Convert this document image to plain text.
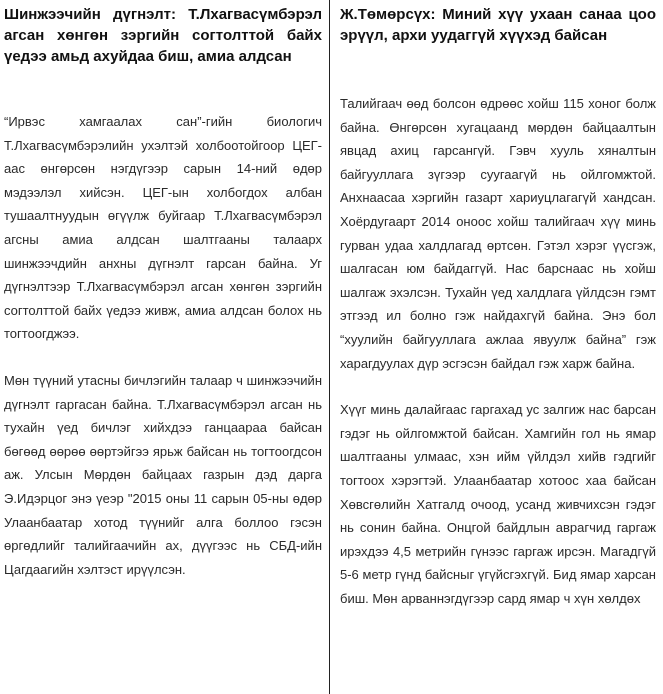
Шинжээчийн дүгнэлт: Т.Лхагвасүмбэрэл агсан хөнгөн зэргийн согтолттой байх үедээ амьд ахуйдаа биш, амиа алдсан

“Ирвэс хамгаалах сан”-гийн биологич Т.Лхагвасүмбэрэлийн ухэлтэй холбоотойгоор ЦЕГ-аас өнгөрсөн нэгдүгээр сарын 14-ний өдөр мэдээлэл хийсэн. ЦЕГ-ын холбогдох албан тушаалтнуудын өгүүлж буйгаар Т.Лхагвасүмбэрэл агсны амиа алдсан шалтгааны талаарх шинжээчдийн анхны дүгнэлт гарсан байна. Уг дүгнэлтээр Т.Лхагвасүмбэрэл агсан хөнгөн зэргийн согтолттой байх үедээ живж, амиа алдсан болох нь тогтоогджээ.

Мөн түүний утасны бичлэгийн талаар ч шинжээчийн дүгнэлт гаргасан байна. Т.Лхагвасүмбэрэл агсан нь тухайн үед бичлэг хийхдээ ганцаараа байсан бөгөөд өөрөө өөртэйгээ ярьж байсан нь тогтоогдсон аж. Улсын Мөрдөн байцаах газрын дэд дарга Э.Идэрцог энэ үеэр "2015 оны 11 сарын 05-ны өдөр Улаанбаатар хотод түүнийг алга боллоо гэсэн өргөдлийг талийгаачийн ах, дүүгээс нь СБД-ийн Цагдаагийн хэлтэст ирүүлсэн.

Ж.Төмөрсүх: Миний хүү ухаан санаа цоо эрүүл, архи уудаггүй хүүхэд байсан

Талийгаач өөд болсон өдрөөс хойш 115 хоног болж байна. Өнгөрсөн хугацаанд мөрдөн байцаалтын явцад ахиц гарсангүй. Гэвч хууль хяналтын байгууллага зүгээр суугаагүй нь ойлгомжтой. Анхнаасаа хэргийн газарт хариуцлагагүй хандсан. Хоёрдугаарт 2014 оноос хойш талийгаач хүү минь гурван удаа халдлагад өртсөн. Гэтэл хэрэг үүсгэж, шалгасан юм байдаггүй. Нас барснаас нь хойш шалгаж эхэлсэн. Тухайн үед халдлага үйлдсэн гэмт этгээд ил болно гэж найдахгүй байна. Энэ бол “хуулийн байгууллага ажлаа явуулж байна” гэж харагдуулах дүр эсгэсэн байдал гэж харж байна.

Хүүг минь далайгаас гаргахад ус залгиж нас барсан гэдэг нь ойлгомжтой байсан. Хамгийн гол нь ямар шалтгааны улмаас, хэн ийм үйлдэл хийв гэдгийг тогтоох хэрэгтэй. Улаанбаатар хотоос хаа байсан Хөвсгөлийн Хатгалд очоод, усанд живчихсэн гэдэг нь сонин байна. Онцгой байдлын аврагчид гаргаж ирэхдээ 4,5 метрийн гүнээс гаргаж ирсэн. Магадгүй 5-6 метр гүнд байсныг үгүйсгэхгүй. Бид ямар харсан биш. Мөн арваннэгдүгээр сард ямар ч хүн хөлдөх
